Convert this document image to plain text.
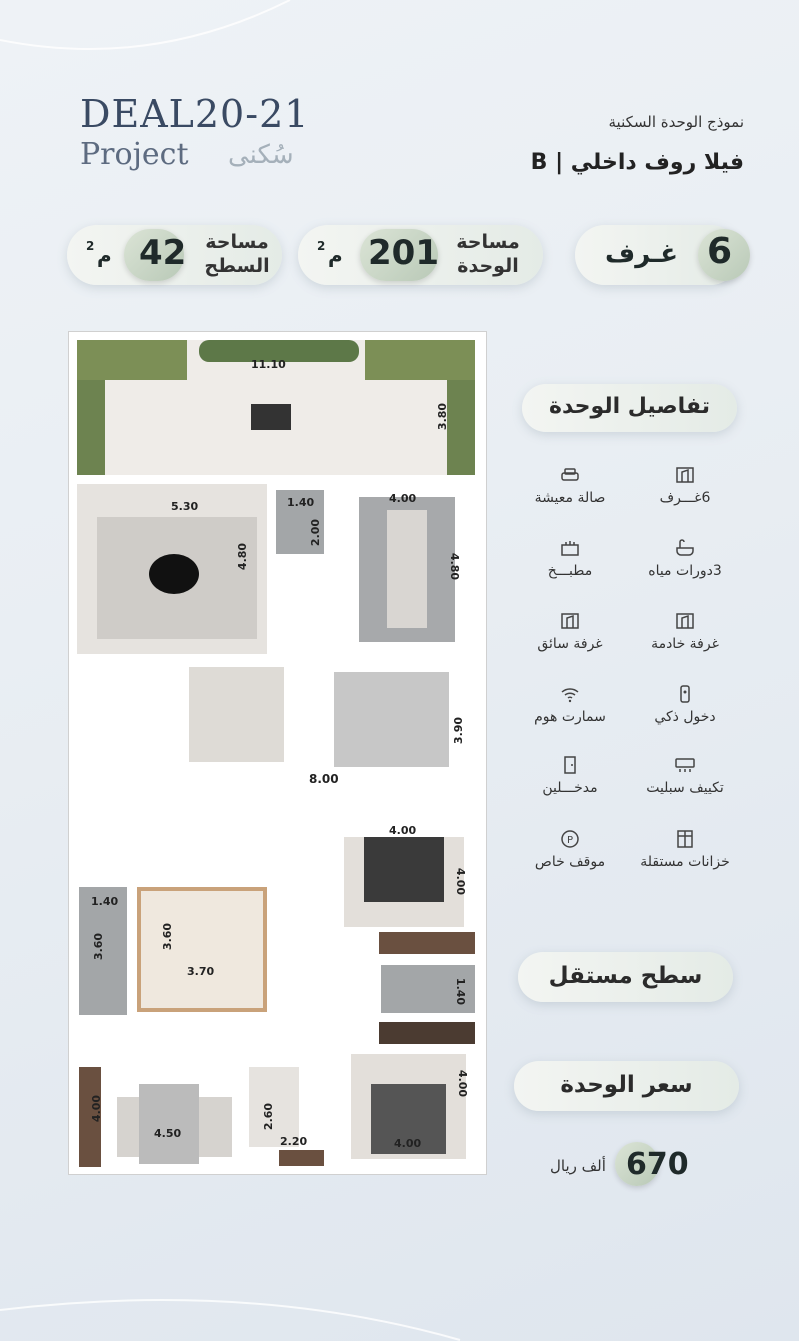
DEAL20-21
Project سُكنى
نموذج الوحدة السكنية
فيلا روف داخلي | B
6
غـرف
201
م
2	مساحة
الوحدة
42
م
2	مساحة
السطح
11.10
3.80
5.30
4.80
1.40
2.00
4.00
4.80
3.90
8.00
4.00
4.00
1.40
3.60	3.60
3.70
1.40
4.00
4.50
2.60
2.20	4.00
4.00
تفاصيل الوحدة
6غـــرف
صالة معيشة
3دورات مياه
مطبـــخ
غرفة خادمة
غرفة سائق
دخول ذكي
سمارت هوم
تكييف سبليت
مدخـــلين
خزانات مستقلة
P
موقف خاص
سطح مستقل
سعر الوحدة
670
ألف ريال
